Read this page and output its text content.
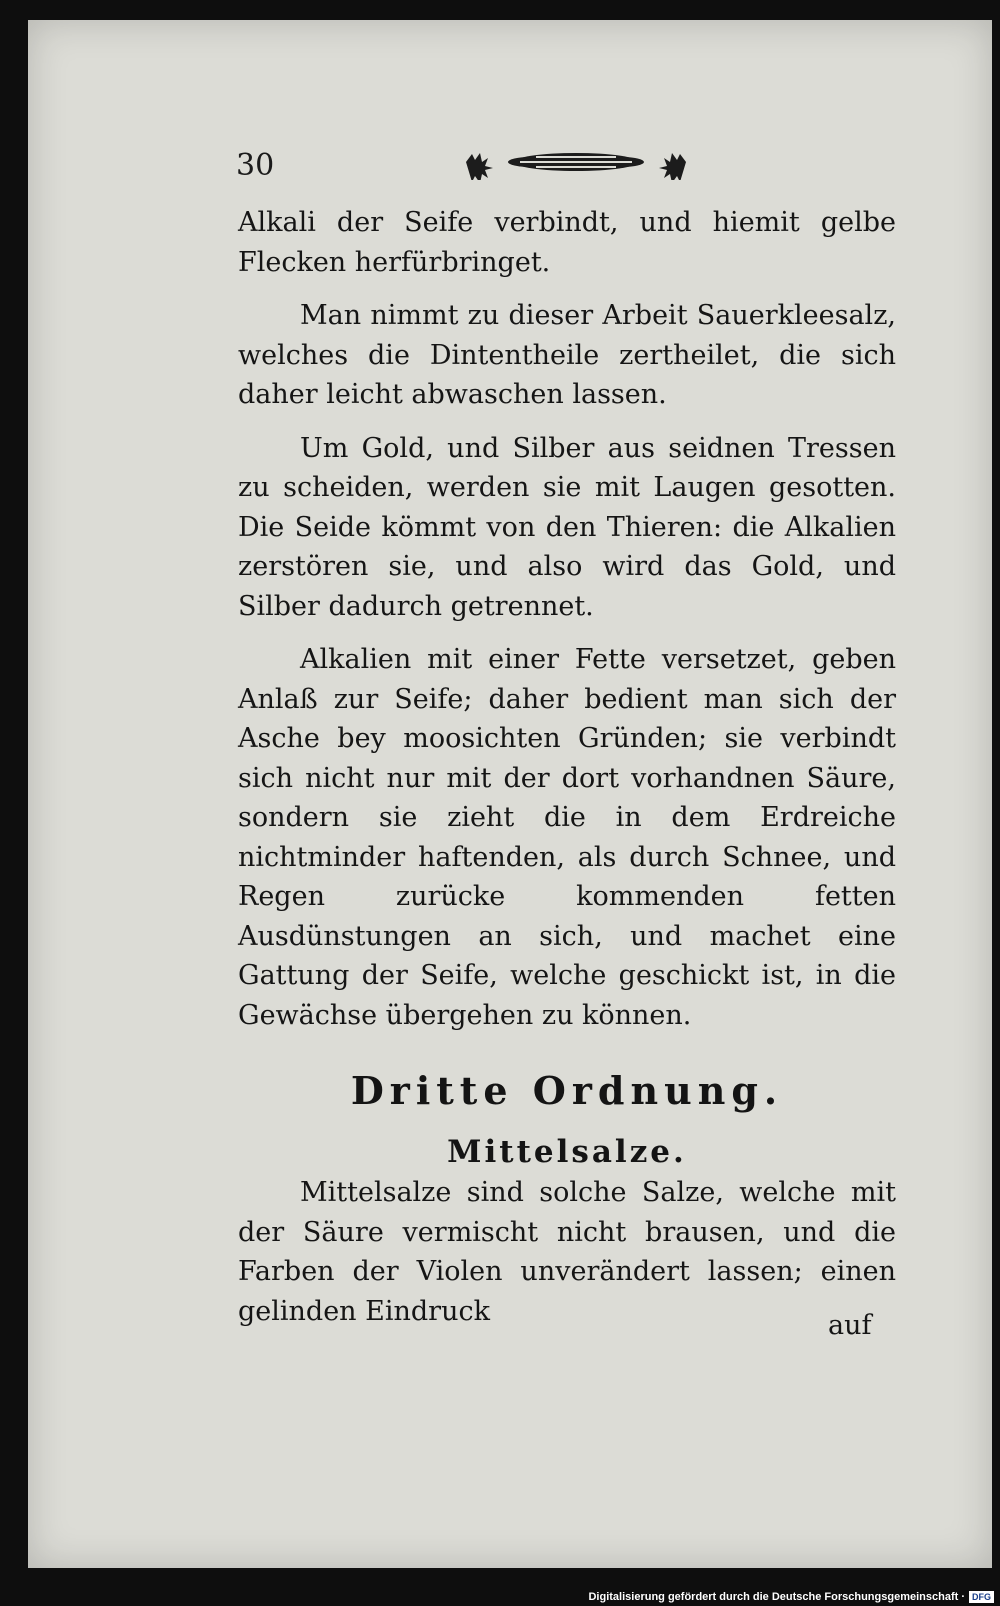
30

Alkali der Seife verbindt, und hiemit gelbe Flecken herfürbringet.

Man nimmt zu dieser Arbeit Sauerkleesalz, welches die Dintentheile zertheilet, die sich daher leicht abwaschen lassen.

Um Gold, und Silber aus seidnen Tressen zu scheiden, werden sie mit Laugen gesotten. Die Seide kömmt von den Thieren: die Alkalien zerstören sie, und also wird das Gold, und Silber dadurch getrennet.

Alkalien mit einer Fette versetzet, geben Anlaß zur Seife; daher bedient man sich der Asche bey moosichten Gründen; sie verbindt sich nicht nur mit der dort vorhandnen Säure, sondern sie zieht die in dem Erdreiche nichtminder haftenden, als durch Schnee, und Regen zurücke kommenden fetten Ausdünstungen an sich, und machet eine Gattung der Seife, welche geschickt ist, in die Gewächse übergehen zu können.

Dritte Ordnung.
Mittelsalze.

Mittelsalze sind solche Salze, welche mit der Säure vermischt nicht brausen, und die Farben der Violen unverändert lassen; einen gelinden Eindruck	auf
Digitalisierung gefördert durch die Deutsche Forschungsgemeinschaft · DFG
